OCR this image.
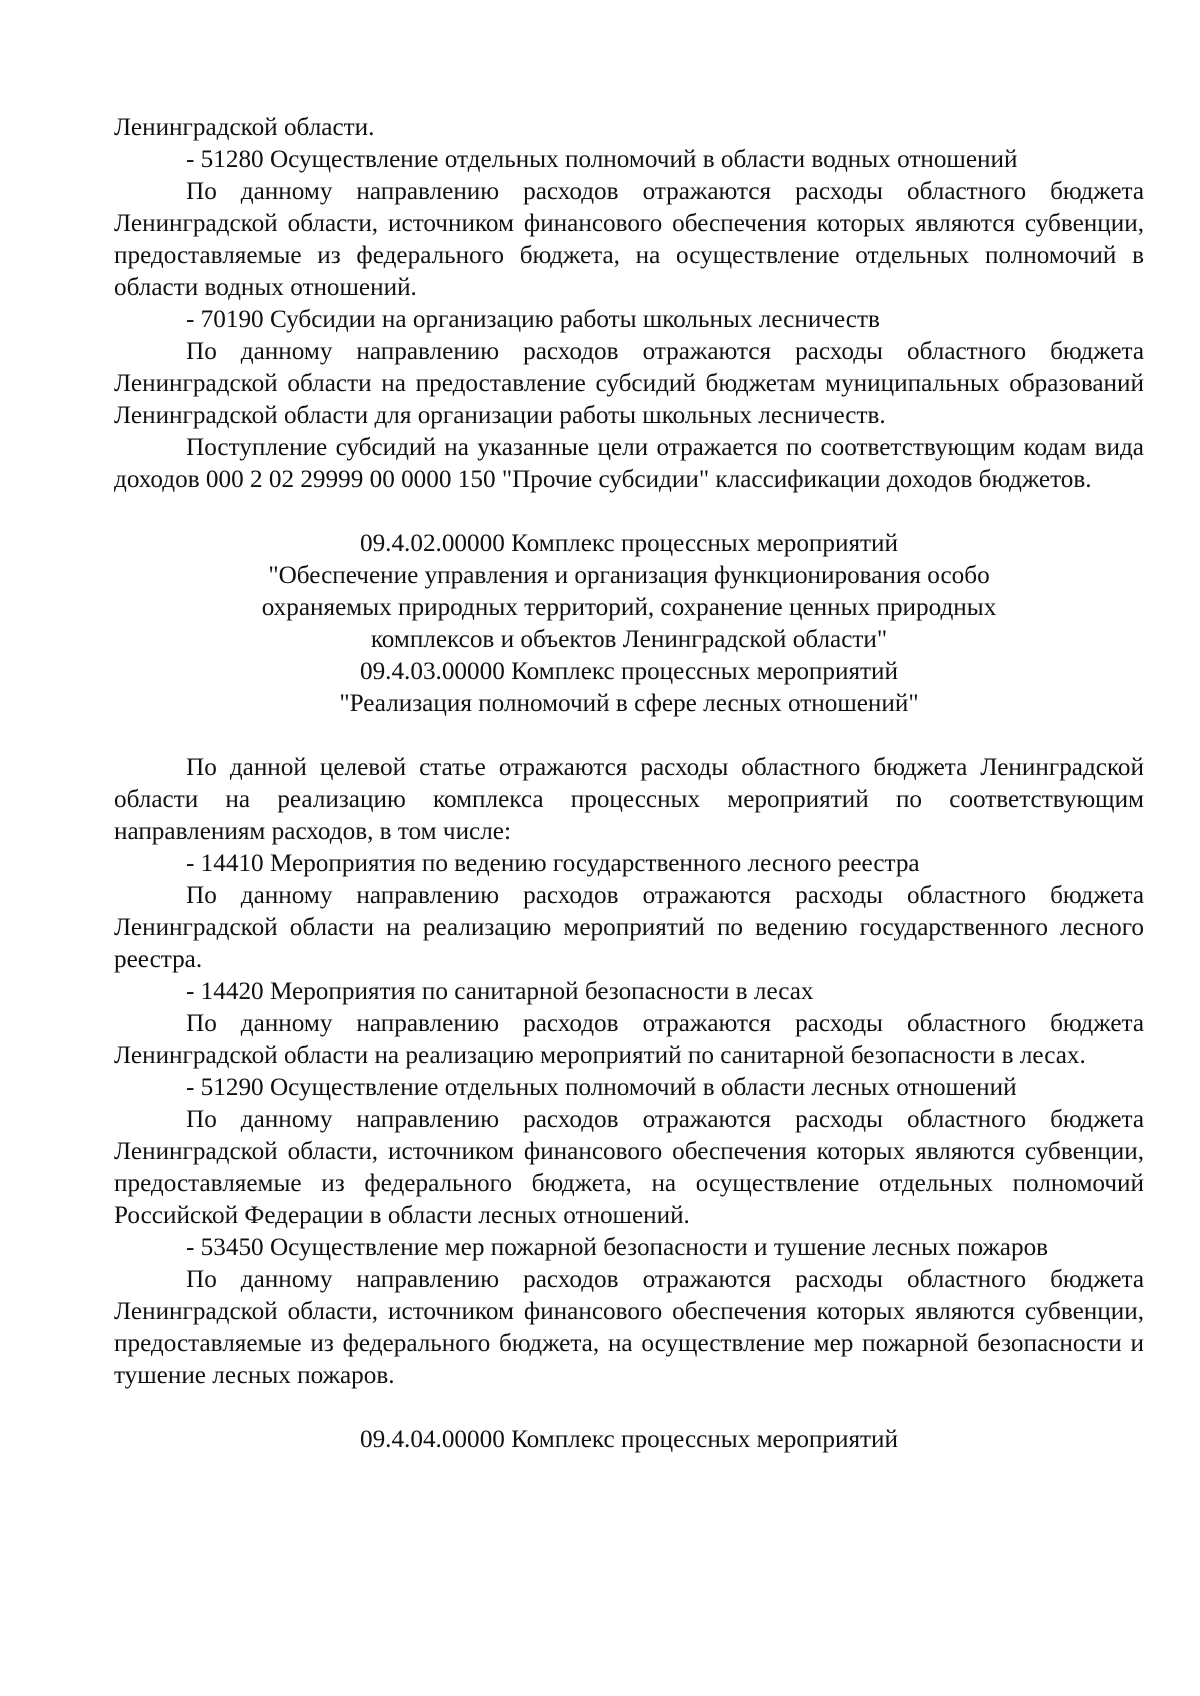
Ленинградской области.

- 51280 Осуществление отдельных полномочий в области водных отношений

По данному направлению расходов отражаются расходы областного бюджета Ленинградской области, источником финансового обеспечения которых являются субвенции, предоставляемые из федерального бюджета, на осуществление отдельных полномочий в области водных отношений.

- 70190 Субсидии на организацию работы школьных лесничеств

По данному направлению расходов отражаются расходы областного бюджета Ленинградской области на предоставление субсидий бюджетам муниципальных образований Ленинградской области для организации работы школьных лесничеств.

Поступление субсидий на указанные цели отражается по соответствующим кодам вида доходов 000 2 02 29999 00 0000 150 "Прочие субсидии" классификации доходов бюджетов.

09.4.02.00000 Комплекс процессных мероприятий

"Обеспечение управления и организация функционирования особо

охраняемых природных территорий, сохранение ценных природных

комплексов и объектов Ленинградской области"

09.4.03.00000 Комплекс процессных мероприятий

"Реализация полномочий в сфере лесных отношений"

По данной целевой статье отражаются расходы областного бюджета Ленинградской области на реализацию комплекса процессных мероприятий по соответствующим направлениям расходов, в том числе:

- 14410 Мероприятия по ведению государственного лесного реестра

По данному направлению расходов отражаются расходы областного бюджета Ленинградской области на реализацию мероприятий по ведению государственного лесного реестра.

- 14420 Мероприятия по санитарной безопасности в лесах

По данному направлению расходов отражаются расходы областного бюджета Ленинградской области на реализацию мероприятий по санитарной безопасности в лесах.

- 51290 Осуществление отдельных полномочий в области лесных отношений

По данному направлению расходов отражаются расходы областного бюджета Ленинградской области, источником финансового обеспечения которых являются субвенции, предоставляемые из федерального бюджета, на осуществление отдельных полномочий Российской Федерации в области лесных отношений.

- 53450 Осуществление мер пожарной безопасности и тушение лесных пожаров

По данному направлению расходов отражаются расходы областного бюджета Ленинградской области, источником финансового обеспечения которых являются субвенции, предоставляемые из федерального бюджета, на осуществление мер пожарной безопасности и тушение лесных пожаров.

09.4.04.00000 Комплекс процессных мероприятий
